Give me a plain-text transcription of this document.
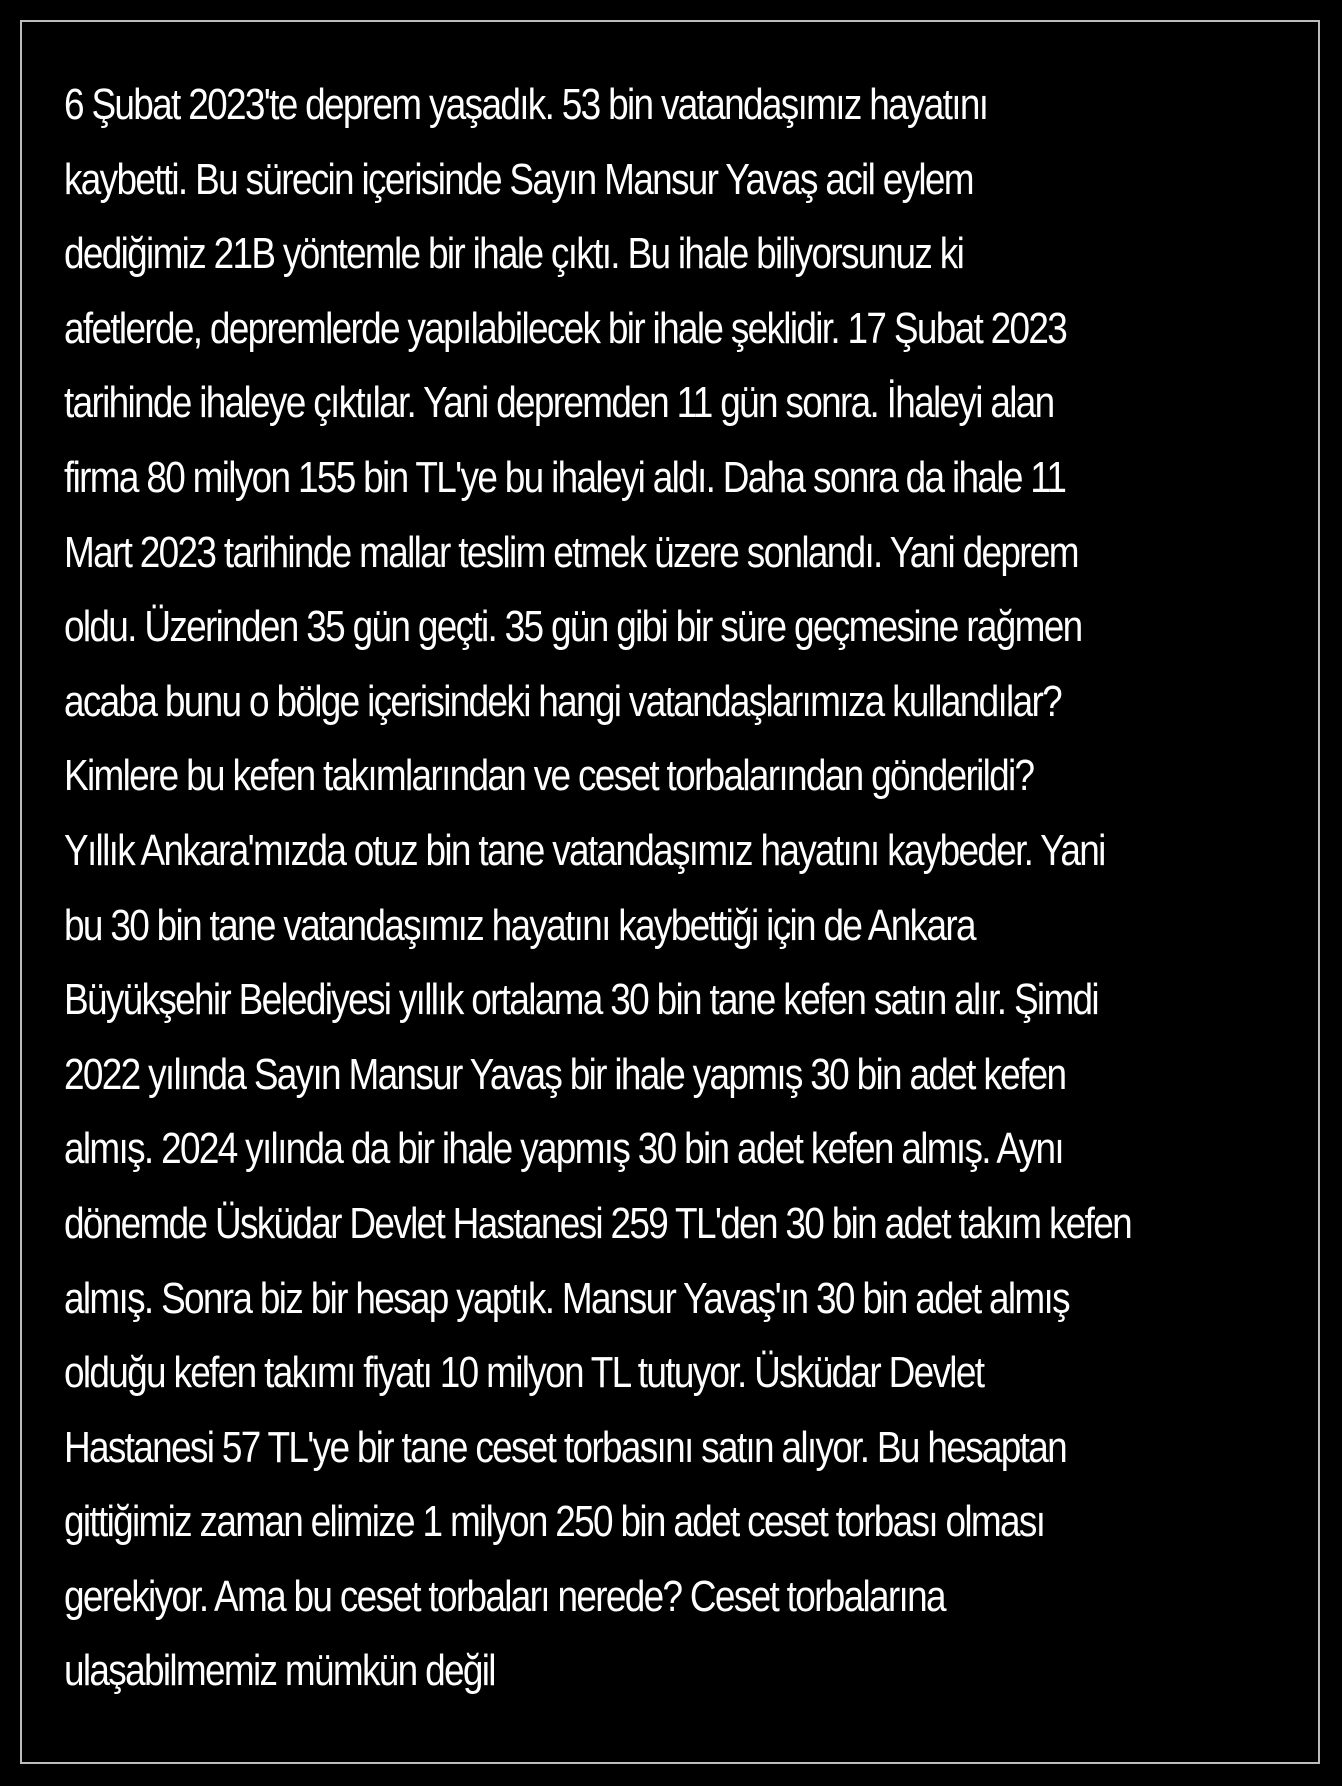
6 Şubat 2023'te deprem yaşadık. 53 bin vatandaşımız hayatını
kaybetti. Bu sürecin içerisinde Sayın Mansur Yavaş acil eylem
dediğimiz 21B yöntemle bir ihale çıktı. Bu ihale biliyorsunuz ki
afetlerde, depremlerde yapılabilecek bir ihale şeklidir. 17 Şubat 2023
tarihinde ihaleye çıktılar. Yani depremden 11 gün sonra. İhaleyi alan
firma 80 milyon 155 bin TL'ye bu ihaleyi aldı. Daha sonra da ihale 11
Mart 2023 tarihinde mallar teslim etmek üzere sonlandı. Yani deprem
oldu. Üzerinden 35 gün geçti. 35 gün gibi bir süre geçmesine rağmen
acaba bunu o bölge içerisindeki hangi vatandaşlarımıza kullandılar?
Kimlere bu kefen takımlarından ve ceset torbalarından gönderildi?
Yıllık Ankara'mızda otuz bin tane vatandaşımız hayatını kaybeder. Yani
bu 30 bin tane vatandaşımız hayatını kaybettiği için de Ankara
Büyükşehir Belediyesi yıllık ortalama 30 bin tane kefen satın alır. Şimdi
2022 yılında Sayın Mansur Yavaş bir ihale yapmış 30 bin adet kefen
almış. 2024 yılında da bir ihale yapmış 30 bin adet kefen almış. Aynı
dönemde Üsküdar Devlet Hastanesi 259 TL'den 30 bin adet takım kefen
almış. Sonra biz bir hesap yaptık. Mansur Yavaş'ın 30 bin adet almış
olduğu kefen takımı fiyatı 10 milyon TL tutuyor. Üsküdar Devlet
Hastanesi 57 TL'ye bir tane ceset torbasını satın alıyor. Bu hesaptan
gittiğimiz zaman elimize 1 milyon 250 bin adet ceset torbası olması
gerekiyor. Ama bu ceset torbaları nerede? Ceset torbalarına
ulaşabilmemiz mümkün değil
